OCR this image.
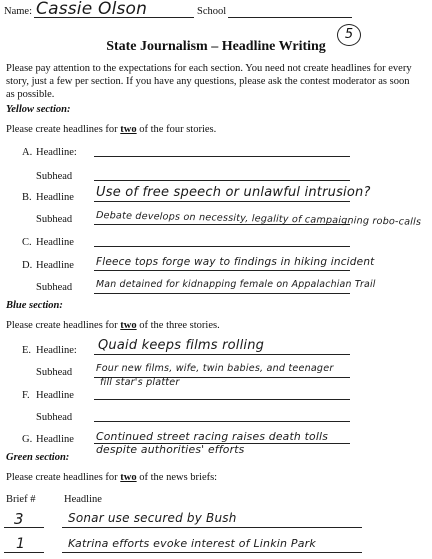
Name: Cassie Olson	School
5
State Journalism – Headline Writing
Please pay attention to the expectations for each section. You need not create headlines for every story, just a few per section. If you have any questions, please ask the contest moderator as soon as possible.
Yellow section:
Please create headlines for two of the four stories.
A. Headline:
Subhead
B. Headline Use of free speech or unlawful intrusion?
Subhead Debate develops on necessity, legality of campaigning robo-calls
C. Headline
D. Headline Fleece tops forge way to findings in hiking incident
Subhead	Man detained for kidnapping female on Appalachian Trail
Blue section:
Please create headlines for two of the three stories.
E. Headline: Quaid keeps films rolling
Subhead Four new films, wife, twin babies, and teenager
fill star's platter
F. Headline
Subhead
G. Headline Continued street racing raises death tolls
despite authorities' efforts
Green section:
Please create headlines for two of the news briefs:
Brief #	Headline
3	Sonar use secured by Bush
1	Katrina efforts evoke interest of Linkin Park
